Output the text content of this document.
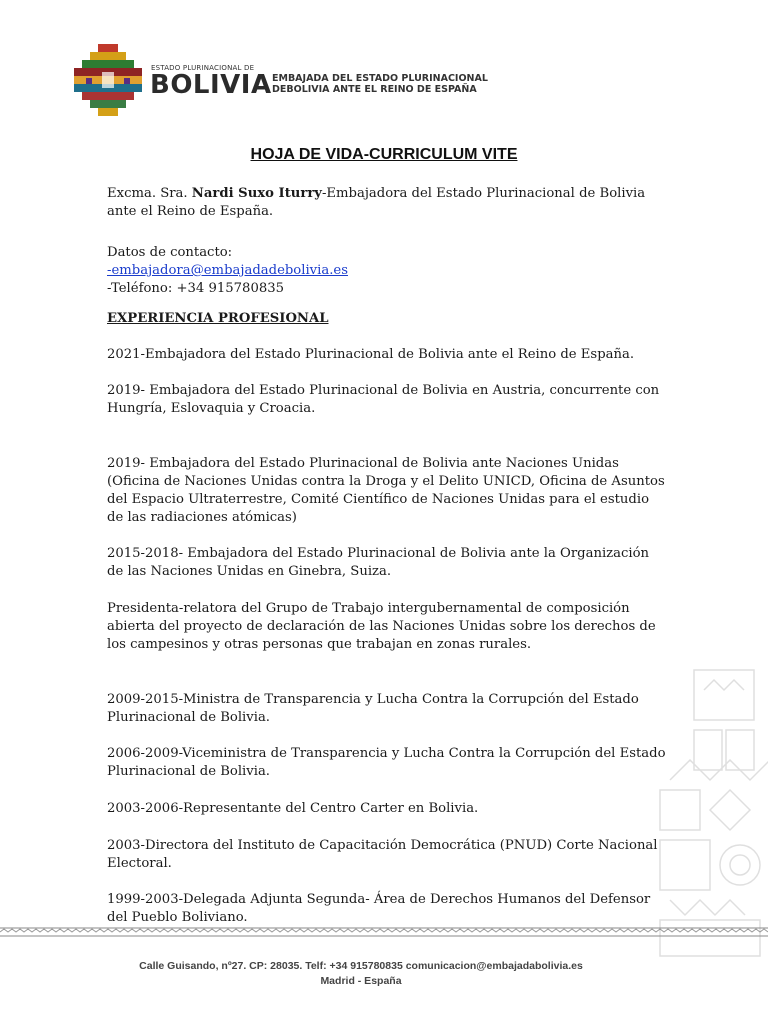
ESTADO PLURINACIONAL DE
BOLIVIA EMBAJADA DEL ESTADO PLURINACIONAL
DEBOLIVIA ANTE EL REINO DE ESPAÑA
HOJA DE VIDA-CURRICULUM VITE
Excma. Sra. Nardi Suxo Iturry-Embajadora del Estado Plurinacional de Bolivia ante el Reino de España.
Datos de contacto:
-embajadora@embajadadebolivia.es
-Teléfono: +34 915780835
EXPERIENCIA PROFESIONAL
2021-Embajadora del Estado Plurinacional de Bolivia ante el Reino de España.
2019- Embajadora del Estado Plurinacional de Bolivia en Austria, concurrente con Hungría, Eslovaquia y Croacia.
2019- Embajadora del Estado Plurinacional de Bolivia ante Naciones Unidas (Oficina de Naciones Unidas contra la Droga y el Delito UNICD, Oficina de Asuntos del Espacio Ultraterrestre, Comité Científico de Naciones Unidas para el estudio de las radiaciones atómicas)
2015-2018- Embajadora del Estado Plurinacional de Bolivia ante la Organización de las Naciones Unidas en Ginebra, Suiza.
Presidenta-relatora del Grupo de Trabajo intergubernamental de composición abierta del proyecto de declaración de las Naciones Unidas sobre los derechos de los campesinos y otras personas que trabajan en zonas rurales.
2009-2015-Ministra de Transparencia y Lucha Contra la Corrupción del Estado Plurinacional de Bolivia.
2006-2009-Viceministra de Transparencia y Lucha Contra la Corrupción del Estado Plurinacional de Bolivia.
2003-2006-Representante del Centro Carter en Bolivia.
2003-Directora del Instituto de Capacitación Democrática (PNUD) Corte Nacional Electoral.
1999-2003-Delegada Adjunta Segunda- Área de Derechos Humanos del Defensor del Pueblo Boliviano.
Calle Guisando, nº27. CP: 28035. Telf: +34 915780835 comunicacion@embajadabolivia.es
Madrid - España
